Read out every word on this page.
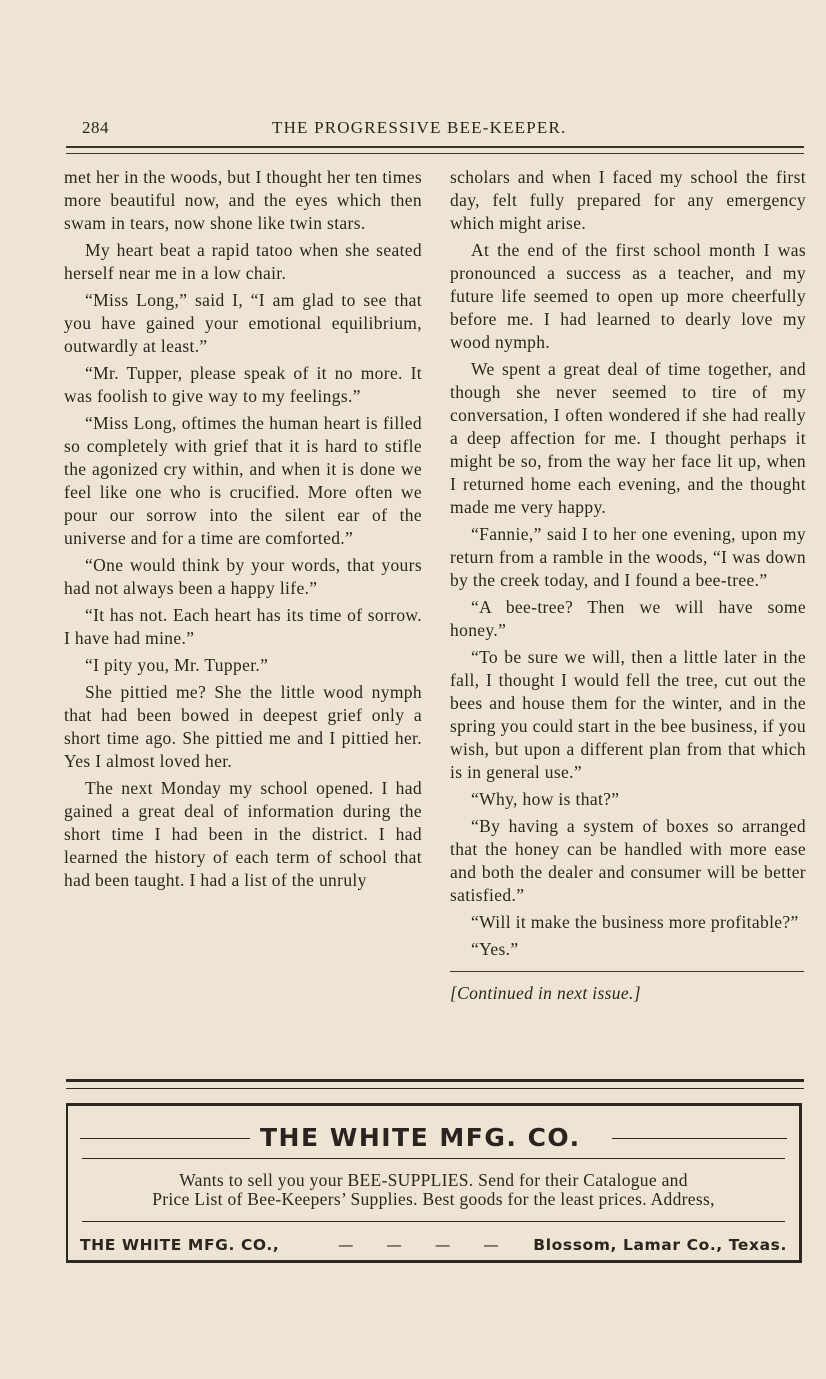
284	THE PROGRESSIVE BEE-KEEPER.

met her in the woods, but I thought her ten times more beautiful now, and the eyes which then swam in tears, now shone like twin stars.

My heart beat a rapid tatoo when she seated herself near me in a low chair.

“Miss Long,” said I, “I am glad to see that you have gained your emotional equilibrium, outwardly at least.”

“Mr. Tupper, please speak of it no more. It was foolish to give way to my feelings.”

“Miss Long, oftimes the human heart is filled so completely with grief that it is hard to stifle the agonized cry within, and when it is done we feel like one who is crucified. More often we pour our sorrow into the silent ear of the universe and for a time are comforted.”

“One would think by your words, that yours had not always been a happy life.”

“It has not. Each heart has its time of sorrow. I have had mine.”

“I pity you, Mr. Tupper.”

She pittied me? She the little wood nymph that had been bowed in deepest grief only a short time ago. She pittied me and I pittied her. Yes I almost loved her.

The next Monday my school opened. I had gained a great deal of information during the short time I had been in the district. I had learned the history of each term of school that had been taught. I had a list of the unruly

scholars and when I faced my school the first day, felt fully prepared for any emergency which might arise.

At the end of the first school month I was pronounced a success as a teacher, and my future life seemed to open up more cheerfully before me. I had learned to dearly love my wood nymph.

We spent a great deal of time together, and though she never seemed to tire of my conversation, I often wondered if she had really a deep affection for me. I thought perhaps it might be so, from the way her face lit up, when I returned home each evening, and the thought made me very happy.

“Fannie,” said I to her one evening, upon my return from a ramble in the woods, “I was down by the creek today, and I found a bee-tree.”

“A bee-tree? Then we will have some honey.”

“To be sure we will, then a little later in the fall, I thought I would fell the tree, cut out the bees and house them for the winter, and in the spring you could start in the bee business, if you wish, but upon a different plan from that which is in general use.”

“Why, how is that?”

“By having a system of boxes so arranged that the honey can be handled with more ease and both the dealer and consumer will be better satisfied.”

“Will it make the business more profitable?”

“Yes.”

[Continued in next issue.]

THE WHITE MFG. CO.
Wants to sell you your BEE-SUPPLIES. Send for their Catalogue and
Price List of Bee-Keepers’ Supplies. Best goods for the least prices. Address,
THE WHITE MFG. CO.,	— — — — Blossom, Lamar Co., Texas.
